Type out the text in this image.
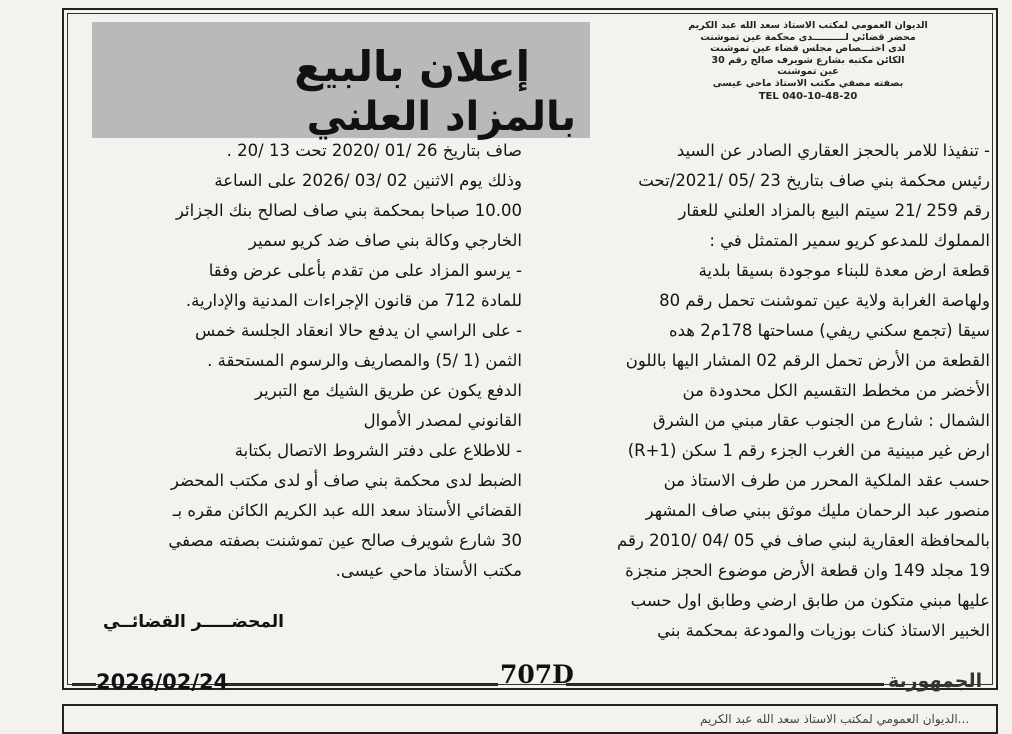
إعلان بالبيع
بالمزاد العلني
الديوان العمومي لمكتب الاستاذ سعد الله عبد الكريم
محضر قضائي لــــــــــدى محكمة عين تموشنت
لدى اختـــصاص مجلس قضاء عين تموشنت
الكائن مكتبه بشارع شويرف صالح رقم 30
عين تموشنت
بصفته مصفي مكتب الاستاذ ماحي عيسى
TEL 040-10-48-20
- تنفيذا للامر بالحجز العقاري الصادر عن السيد
رئيس محكمة بني صاف بتاريخ 23 /05 /2021/تحت
رقم 259 /21 سيتم البيع بالمزاد العلني للعقار
المملوك للمدعو كريو سمير المتمثل في :
قطعة ارض معدة للبناء موجودة بسيقا بلدية
ولهاصة الغرابة ولاية عين تموشنت تحمل رقم 80
سيقا (تجمع سكني ريفي) مساحتها 178م2 هده
القطعة من الأرض تحمل الرقم 02 المشار اليها باللون
الأخضر من مخطط التقسيم الكل محدودة من
الشمال : شارع من الجنوب عقار مبني من الشرق
ارض غير مبينية من الغرب الجزء رقم 1 سكن (R+1)
حسب عقد الملكية المحرر من طرف الاستاذ من
منصور عبد الرحمان مليك موثق ببني صاف المشهر
بالمحافظة العقارية لبني صاف في 05 /04 /2010 رقم
19 مجلد 149 وان قطعة الأرض موضوع الحجز منجزة
عليها مبني متكون من طابق ارضي وطابق اول حسب
الخبير الاستاذ كنات بوزيات والمودعة بمحكمة بني
صاف بتاريخ 26 /01 /2020 تحت 13 /20 .
وذلك يوم الاثنين 02 /03 /2026 على الساعة
10.00 صباحا بمحكمة بني صاف لصالح بنك الجزائر
الخارجي وكالة بني صاف ضد كريو سمير
- يرسو المزاد على من تقدم بأعلى عرض وفقا
للمادة 712 من قانون الإجراءات المدنية والإدارية.
- على الراسي ان يدفع حالا انعقاد الجلسة خمس
الثمن (1 /5) والمصاريف والرسوم المستحقة .
الدفع يكون عن طريق الشيك مع التبرير
القانوني لمصدر الأموال
- للاطلاع على دفتر الشروط الاتصال بكتابة
الضبط لدى محكمة بني صاف أو لدى مكتب المحضر
القضائي الأستاذ سعد الله عبد الكريم الكائن مقره بـ
30 شارع شويرف صالح عين تموشنت بصفته مصفي
مكتب الأستاذ ماحي عيسى.
المحضـــــر القضائــي
2026/02/24	707D	الجمهورية
...الديوان العمومي لمكتب الاستاذ سعد الله عبد الكريم
